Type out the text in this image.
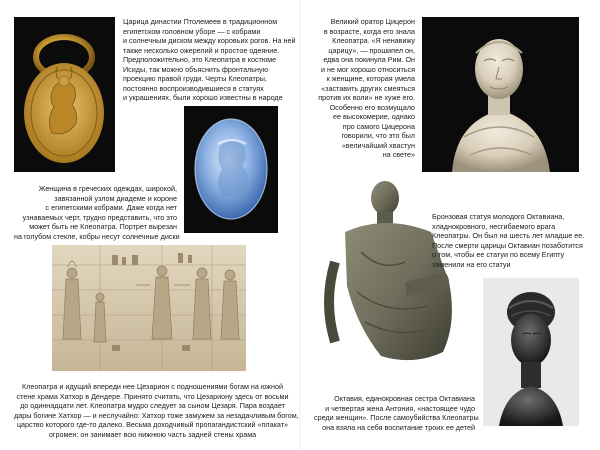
Царица династии Птолемеев в традиционном
египетском головном уборе — с кобрами
и солнечным диском между коровьих рогов. На ней
также несколько ожерелий и простое одеяние.
Предположительно, это Клеопатра в костюме
Исиды, так можно объяснить фронтальную
проекцию правой груди. Черты Клеопатры,
постоянно воспроизводившиеся в статуях
и украшениях, были хорошо известны в народе
Женщина в греческих одеждах, широкой,
завязанной узлом диадеме и короне
с египетскими кобрами. Даже когда нет
узнаваемых черт, трудно представить, что это
может быть не Клеопатра. Портрет вырезан
на голубом стекле, кобры несут солнечные диски
Клеопатра и идущий впереди нее Цезарион с подношениями богам на южной
стене храма Хатхор в Дендере. Принято считать, что Цезариону здесь от восьми
до одиннадцати лет. Клеопатра мудро следует за сыном Цезаря. Пара воздает
дары богине Хатхор — и неслучайно: Хатхор тоже замужем за незадачливым богом,
царство которого где-то далеко. Весьма доходчивый пропагандистский «плакат»
огромен: он занимает всю нижнюю часть задней стены храма
Великий оратор Цицерон
в возрасте, когда его знала
Клеопатра. «Я ненавижу
царицу», — прошипел он,
едва она покинула Рим. Он
и не мог хорошо относиться
к женщине, которая умела
«заставить других смеяться
против их воли» не хуже его.
Особенно его возмущало
ее высокомерие, однако
про самого Цицерона
говорили, что это был
«величайший хвастун
на свете»
Бронзовая статуя молодого Октавиана,
хладнокровного, несгибаемого врага
Клеопатры. Он был на шесть лет младше ее.
После смерти царицы Октавиан позаботится
о том, чтобы ее статуи по всему Египту
заменили на его статуи
Октавия, единокровная сестра Октавиана
и четвертая жена Антония, «настоящее чудо
среди женщин». После самоубийства Клеопатры
она взяла на себя воспитание троих ее детей
